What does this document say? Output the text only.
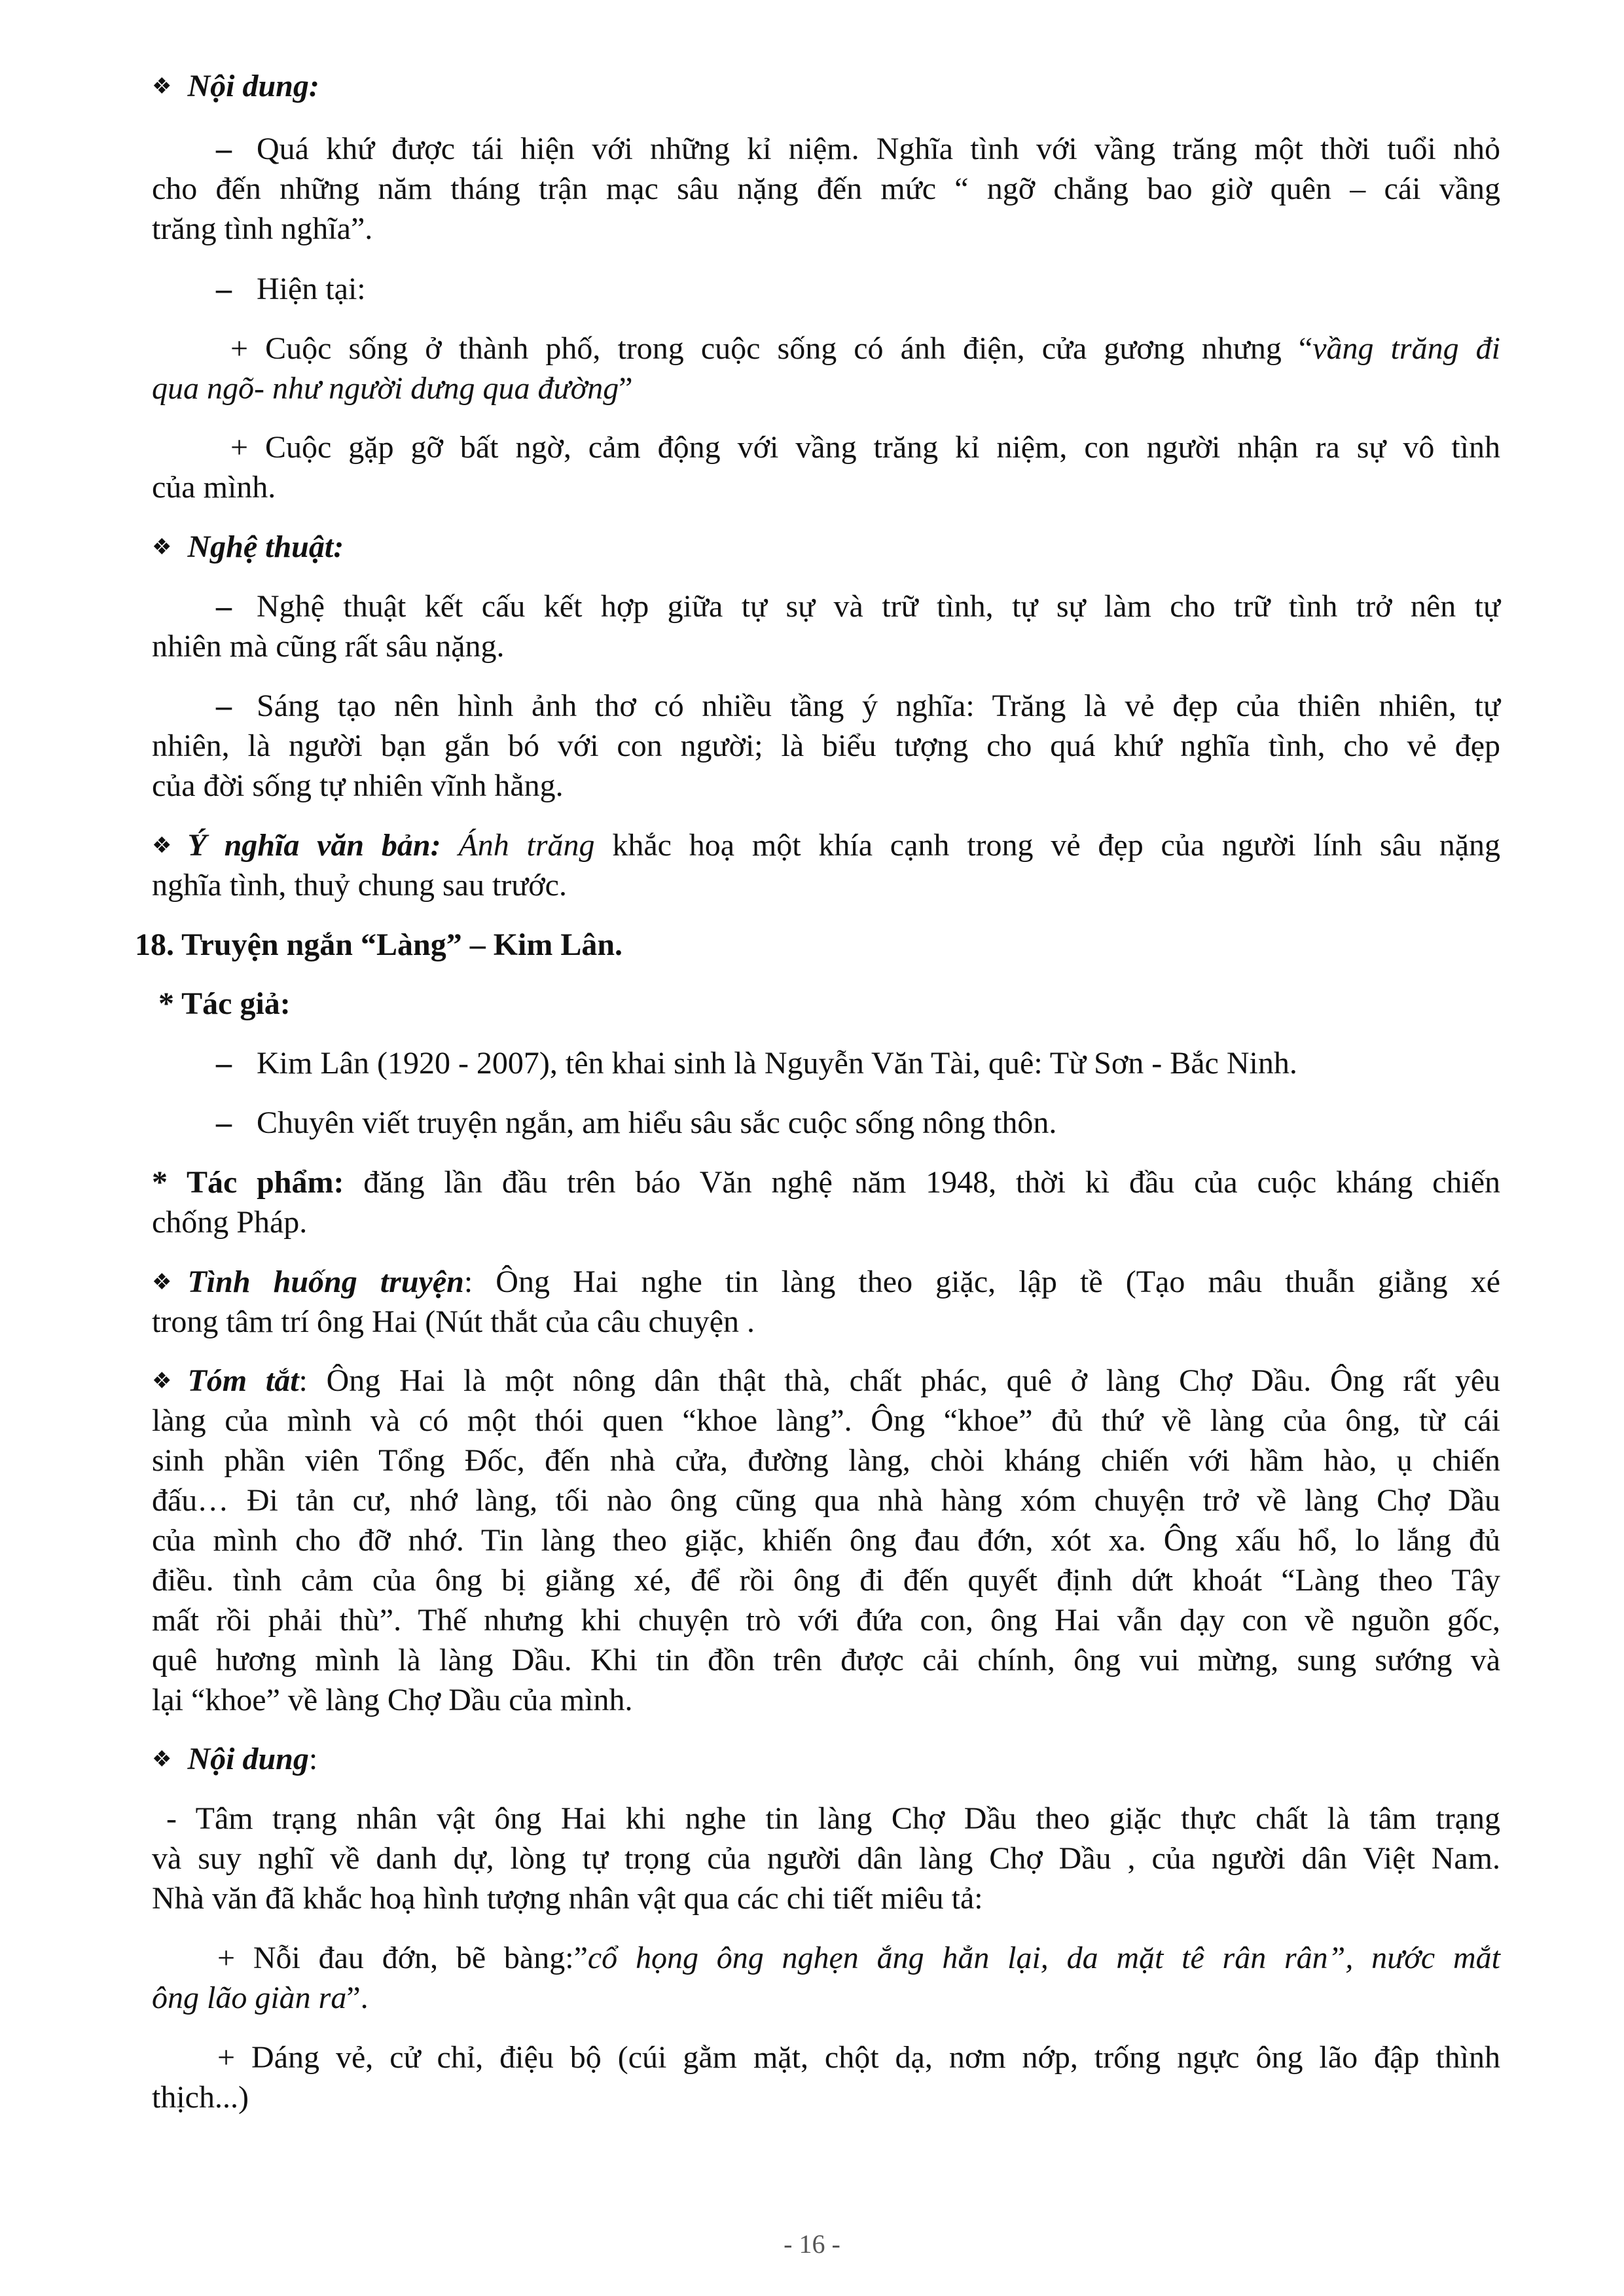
❖ Nội dung:
– Quá khứ được tái hiện với những kỉ niệm. Nghĩa tình với vầng trăng một thời tuổi nhỏ
cho đến những năm tháng trận mạc sâu nặng đến mức “ ngỡ chẳng bao giờ quên – cái vầng
trăng tình nghĩa”.
– Hiện tại:
+ Cuộc sống ở thành phố, trong cuộc sống có ánh điện, cửa gương nhưng “vầng trăng đi
qua ngõ- như người dưng qua đường”
+ Cuộc gặp gỡ bất ngờ, cảm động với vầng trăng kỉ niệm, con người nhận ra sự vô tình
của mình.
❖ Nghệ thuật:
– Nghệ thuật kết cấu kết hợp giữa tự sự và trữ tình, tự sự làm cho trữ tình trở nên tự
nhiên mà cũng rất sâu nặng.
– Sáng tạo nên hình ảnh thơ có nhiều tầng ý nghĩa: Trăng là vẻ đẹp của thiên nhiên, tự
nhiên, là người bạn gắn bó với con người; là biểu tượng cho quá khứ nghĩa tình, cho vẻ đẹp
của đời sống tự nhiên vĩnh hằng.
❖ Ý nghĩa văn bản: Ánh trăng khắc hoạ một khía cạnh trong vẻ đẹp của người lính sâu nặng
nghĩa tình, thuỷ chung sau trước.
18. Truyện ngắn “Làng” – Kim Lân.
* Tác giả:
– Kim Lân (1920 - 2007), tên khai sinh là Nguyễn Văn Tài, quê: Từ Sơn - Bắc Ninh.
– Chuyên viết truyện ngắn, am hiểu sâu sắc cuộc sống nông thôn.
* Tác phẩm: đăng lần đầu trên báo Văn nghệ năm 1948, thời kì đầu của cuộc kháng chiến
chống Pháp.
❖ Tình huống truyện: Ông Hai nghe tin làng theo giặc, lập tề (Tạo mâu thuẫn giằng xé
trong tâm trí ông Hai (Nút thắt của câu chuyện .
❖ Tóm tắt: Ông Hai là một nông dân thật thà, chất phác, quê ở làng Chợ Dầu. Ông rất yêu
làng của mình và có một thói quen “khoe làng”. Ông “khoe” đủ thứ về làng của ông, từ cái
sinh phần viên Tổng Đốc, đến nhà cửa, đường làng, chòi kháng chiến với hầm hào, ụ chiến
đấu… Đi tản cư, nhớ làng, tối nào ông cũng qua nhà hàng xóm chuyện trở về làng Chợ Dầu
của mình cho đỡ nhớ. Tin làng theo giặc, khiến ông đau đớn, xót xa. Ông xấu hổ, lo lắng đủ
điều. tình cảm của ông bị giằng xé, để rồi ông đi đến quyết định dứt khoát “Làng theo Tây
mất rồi phải thù”. Thế nhưng khi chuyện trò với đứa con, ông Hai vẫn dạy con về nguồn gốc,
quê hương mình là làng Dầu. Khi tin đồn trên được cải chính, ông vui mừng, sung sướng và
lại “khoe” về làng Chợ Dầu của mình.
❖ Nội dung:
- Tâm trạng nhân vật ông Hai khi nghe tin làng Chợ Dầu theo giặc thực chất là tâm trạng
và suy nghĩ về danh dự, lòng tự trọng của người dân làng Chợ Dầu , của người dân Việt Nam.
Nhà văn đã khắc hoạ hình tượng nhân vật qua các chi tiết miêu tả:
+ Nỗi đau đớn, bẽ bàng:”cổ họng ông nghẹn ắng hẳn lại, da mặt tê rân rân”, nước mắt
ông lão giàn ra”.
+ Dáng vẻ, cử chỉ, điệu bộ (cúi gằm mặt, chột dạ, nơm nớp, trống ngực ông lão đập thình
thịch...)
- 16 -
